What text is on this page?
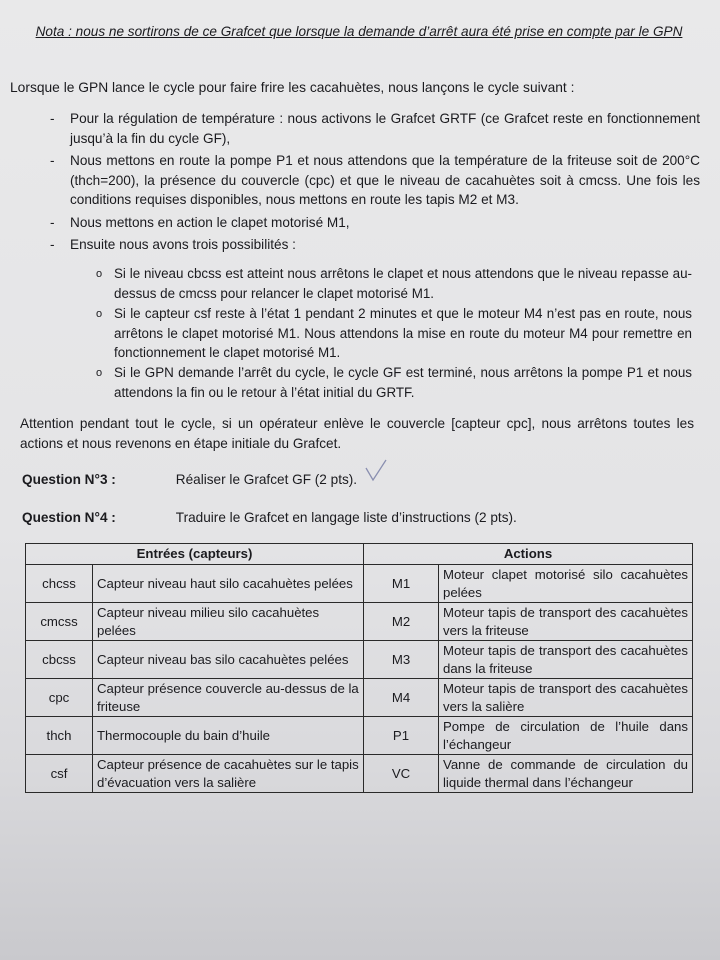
Nota : nous ne sortirons de ce Grafcet que lorsque la demande d’arrêt aura été prise en compte par le GPN
Lorsque le GPN lance le cycle pour faire frire les cacahuètes, nous lançons le cycle suivant :
-	Pour la régulation de température : nous activons le Grafcet GRTF (ce Grafcet reste en fonctionnement jusqu’à la fin du cycle GF),
-	Nous mettons en route la pompe P1 et nous attendons que la température de la friteuse soit de 200°C (thch=200), la présence du couvercle (cpc) et que le niveau de cacahuètes soit à cmcss. Une fois les conditions requises disponibles, nous mettons en route les tapis M2 et M3.
-	Nous mettons en action le clapet motorisé M1,
-	Ensuite nous avons trois possibilités :
o Si le niveau cbcss est atteint nous arrêtons le clapet et nous attendons que le niveau repasse au-dessus de cmcss pour relancer le clapet motorisé M1.
o Si le capteur csf reste à l’état 1 pendant 2 minutes et que le moteur M4 n’est pas en route, nous arrêtons le clapet motorisé M1. Nous attendons la mise en route du moteur M4 pour remettre en fonctionnement le clapet motorisé M1.
o Si le GPN demande l’arrêt du cycle, le cycle GF est terminé, nous arrêtons la pompe P1 et nous attendons la fin ou le retour à l’état initial du GRTF.
Attention pendant tout le cycle, si un opérateur enlève le couvercle [capteur cpc], nous arrêtons toutes les actions et nous revenons en étape initiale du Grafcet.
Question N°3 :	Réaliser le Grafcet GF (2 pts).
Question N°4 :	Traduire le Grafcet en langage liste d’instructions (2 pts).
Entrées (capteurs)		Actions	
chcss	Capteur niveau haut silo cacahuètes pelées	M1	Moteur clapet motorisé silo cacahuètes pelées
cmcss	Capteur niveau milieu silo cacahuètes pelées	M2	Moteur tapis de transport des cacahuètes vers la friteuse
cbcss	Capteur niveau bas silo cacahuètes pelées	M3	Moteur tapis de transport des cacahuètes dans la friteuse
cpc	Capteur présence couvercle au-dessus de la friteuse	M4	Moteur tapis de transport des cacahuètes vers la salière
thch	Thermocouple du bain d’huile	P1	Pompe de circulation de l’huile dans l’échangeur
csf	Capteur présence de cacahuètes sur le tapis d’évacuation vers la salière	VC	Vanne de commande de circulation du liquide thermal dans l’échangeur
